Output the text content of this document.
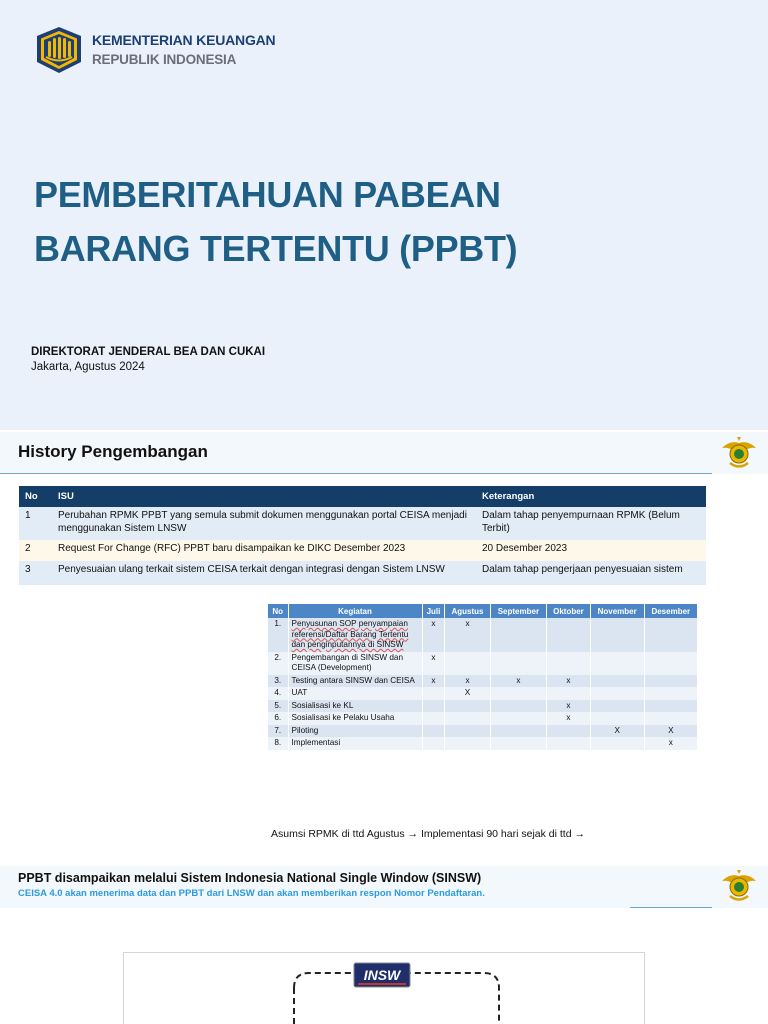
KEMENTERIAN KEUANGAN
REPUBLIK INDONESIA
PEMBERITAHUAN PABEAN
BARANG TERTENTU (PPBT)
DIREKTORAT JENDERAL BEA DAN CUKAI
Jakarta, Agustus 2024
History Pengembangan
No	ISU	Keterangan
1	Perubahan RPMK PPBT yang semula submit dokumen menggunakan portal CEISA menjadi menggunakan Sistem LNSW	Dalam tahap penyempurnaan RPMK (Belum Terbit)
2	Request For Change (RFC) PPBT baru disampaikan ke DIKC Desember 2023	20 Desember 2023
3	Penyesuaian ulang terkait sistem CEISA terkait dengan integrasi dengan Sistem LNSW	Dalam tahap pengerjaan penyesuaian sistem
No	Kegiatan	Juli	Agustus	September	Oktober	November	Desember
1.	Penyusunan SOP penyampaian referensi/Daftar Barang Tertentu dan penginputannya di SINSW	x	x				
2.	Pengembangan di SINSW dan CEISA (Development)	x					
3.	Testing antara SINSW dan CEISA	x	x	x	x		
4.	UAT		X				
5.	Sosialisasi ke KL				x		
6.	Sosialisasi ke Pelaku Usaha				x		
7.	Piloting					X	X
8.	Implementasi						x
Asumsi RPMK di ttd Agustus → Implementasi 90 hari sejak di ttd →
PPBT disampaikan melalui Sistem Indonesia National Single Window (SINSW)
CEISA 4.0 akan menerima data dan PPBT dari LNSW dan akan memberikan respon Nomor Pendaftaran.
INSW
